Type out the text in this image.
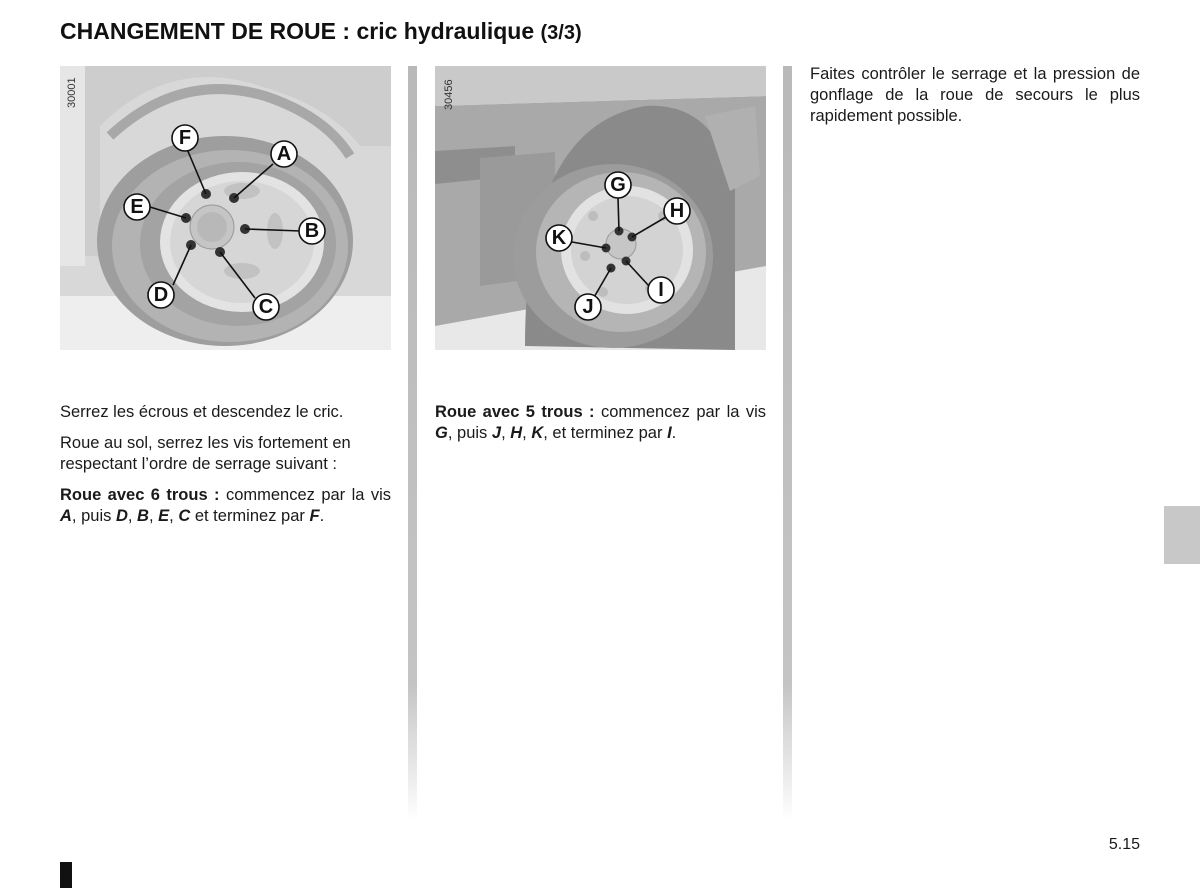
CHANGEMENT DE ROUE : cric hydraulique (3/3)
F
A
E
B
D
C
30001
G
H
K
I
J
30456

Serrez les écrous et descendez le cric.

Roue au sol, serrez les vis fortement en respectant l’ordre de serrage suivant :

Roue avec 6 trous : commencez par la vis A, puis D, B, E, C et terminez par F.

Roue avec 5 trous : commencez par la vis G, puis J, H, K, et terminez par I.

Faites contrôler le serrage et la pression de gonflage de la roue de secours le plus rapidement possible.

5.15
